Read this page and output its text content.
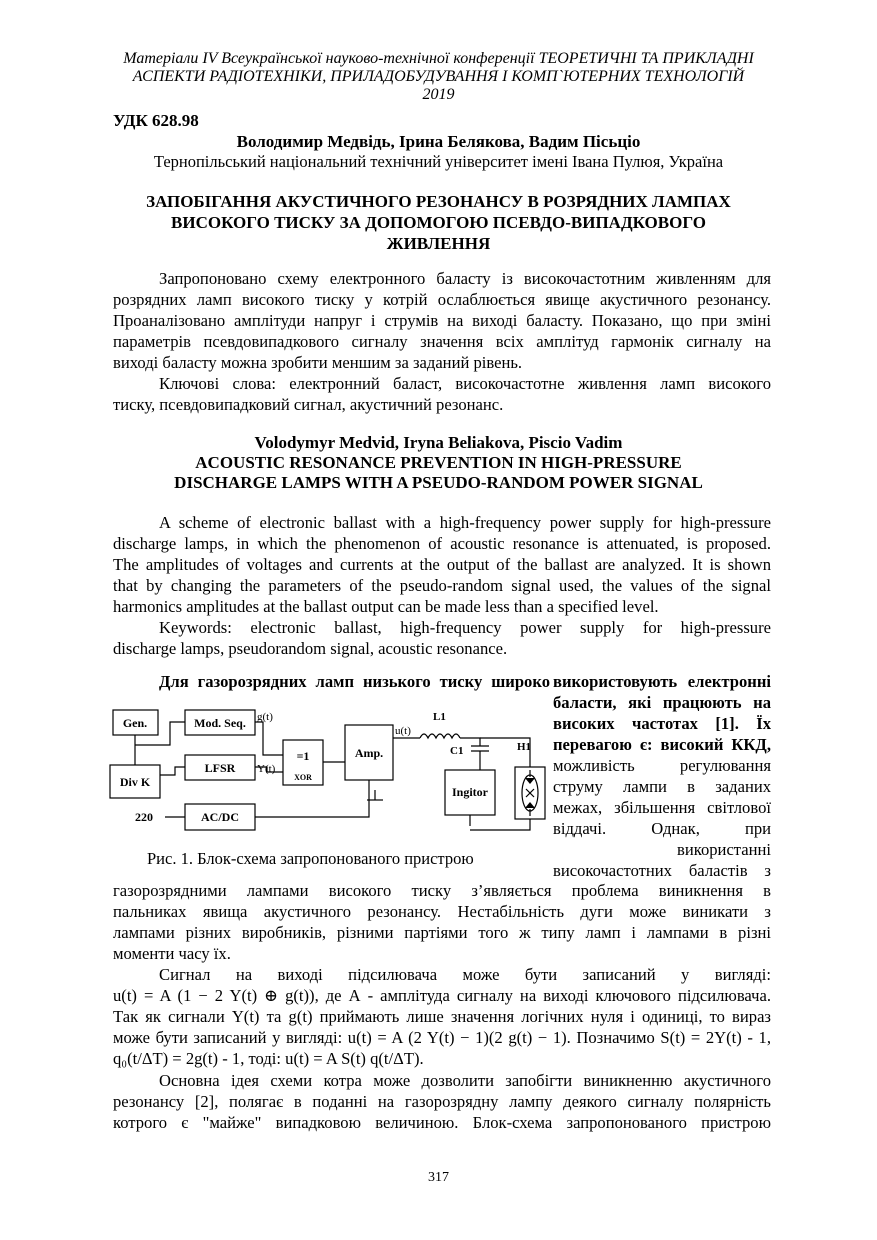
Матеріали IV Всеукраїнської науково-технічної конференції ТЕОРЕТИЧНІ ТА ПРИКЛАДНІ
АСПЕКТИ РАДІОТЕХНІКИ, ПРИЛАДОБУДУВАННЯ І КОМП`ЮТЕРНИХ ТЕХНОЛОГІЙ
2019
УДК 628.98
Володимир Медвідь, Ірина Белякова, Вадим Пісьціо
Тернопільський національний технічний університет імені Івана Пулюя, Україна
ЗАПОБІГАННЯ АКУСТИЧНОГО РЕЗОНАНСУ В РОЗРЯДНИХ ЛАМПАХ
ВИСОКОГО ТИСКУ ЗА ДОПОМОГОЮ ПСЕВДО-ВИПАДКОВОГО
ЖИВЛЕННЯ
Запропоновано схему електронного баласту із високочастотним живленням для
розрядних ламп високого тиску у котрій ослаблюється явище акустичного резонансу.
Проаналізовано амплітуди напруг і струмів на виході баласту. Показано, що при зміні
параметрів псевдовипадкового сигналу значення всіх амплітуд гармонік сигналу на
виході баласту можна зробити меншим за заданий рівень.
Ключові слова: електронний баласт, високочастотне живлення ламп високого
тиску, псевдовипадковий сигнал, акустичний резонанс.
Volodymyr Medvid, Iryna Beliakova, Piscio Vadim
ACOUSTIC RESONANCE PREVENTION IN HIGH-PRESSURE
DISCHARGE LAMPS WITH A PSEUDO-RANDOM POWER SIGNAL
A scheme of electronic ballast with a high-frequency power supply for high-pressure
discharge lamps, in which the phenomenon of acoustic resonance is attenuated, is proposed.
The amplitudes of voltages and currents at the output of the ballast are analyzed. It is shown
that by changing the parameters of the pseudo-random signal used, the values of the signal
harmonics amplitudes at the ballast output can be made less than a specified level.
Keywords: electronic ballast, high-frequency power supply for high-pressure
discharge lamps, pseudorandom signal, acoustic resonance.
Для газорозрядних ламп низького тиску широко використовують електронні
баласти, які працюють на
високих частотах [1]. Їх
перевагою є: високий ККД,
можливість регулювання
струму лампи в заданих
межах, збільшення світлової
віддачі. Однак, при
використанні
високочастотних баластів з
Gen.	Mod. Seq.
LFSR
Div K
=1
XOR
Amp.
AC/DC
Ingitor
g(t)
Y(t)
u(t)
L1
C1	H1
220
Рис. 1. Блок-схема запропонованого пристрою
газорозрядними лампами високого тиску з’являється проблема виникнення в
пальниках явища акустичного резонансу. Нестабільність дуги може виникати з
лампами різних виробників, різними партіями того ж типу ламп і лампами в різні
моменти часу їх.
Сигнал на виході підсилювача може бути записаний у вигляді:
u(t) = A (1 − 2 Y(t) ⊕ g(t)), де А - амплітуда сигналу на виході ключового підсилювача.
Так як сигнали Y(t) та g(t) приймають лише значення логічних нуля і одиниці, то вираз
може бути записаний у вигляді: u(t) = A (2 Y(t) − 1)(2 g(t) − 1). Позначимо S(t) = 2Y(t) - 1,
q₀(t/ΔT) = 2g(t) - 1, тоді: u(t) = A S(t) q(t/ΔT).
Основна ідея схеми котра може дозволити запобігти виникненню акустичного
резонансу [2], полягає в поданні на газорозрядну лампу деякого сигналу полярність
котрого є "майже" випадковою величиною. Блок-схема запропонованого пристрою
317
